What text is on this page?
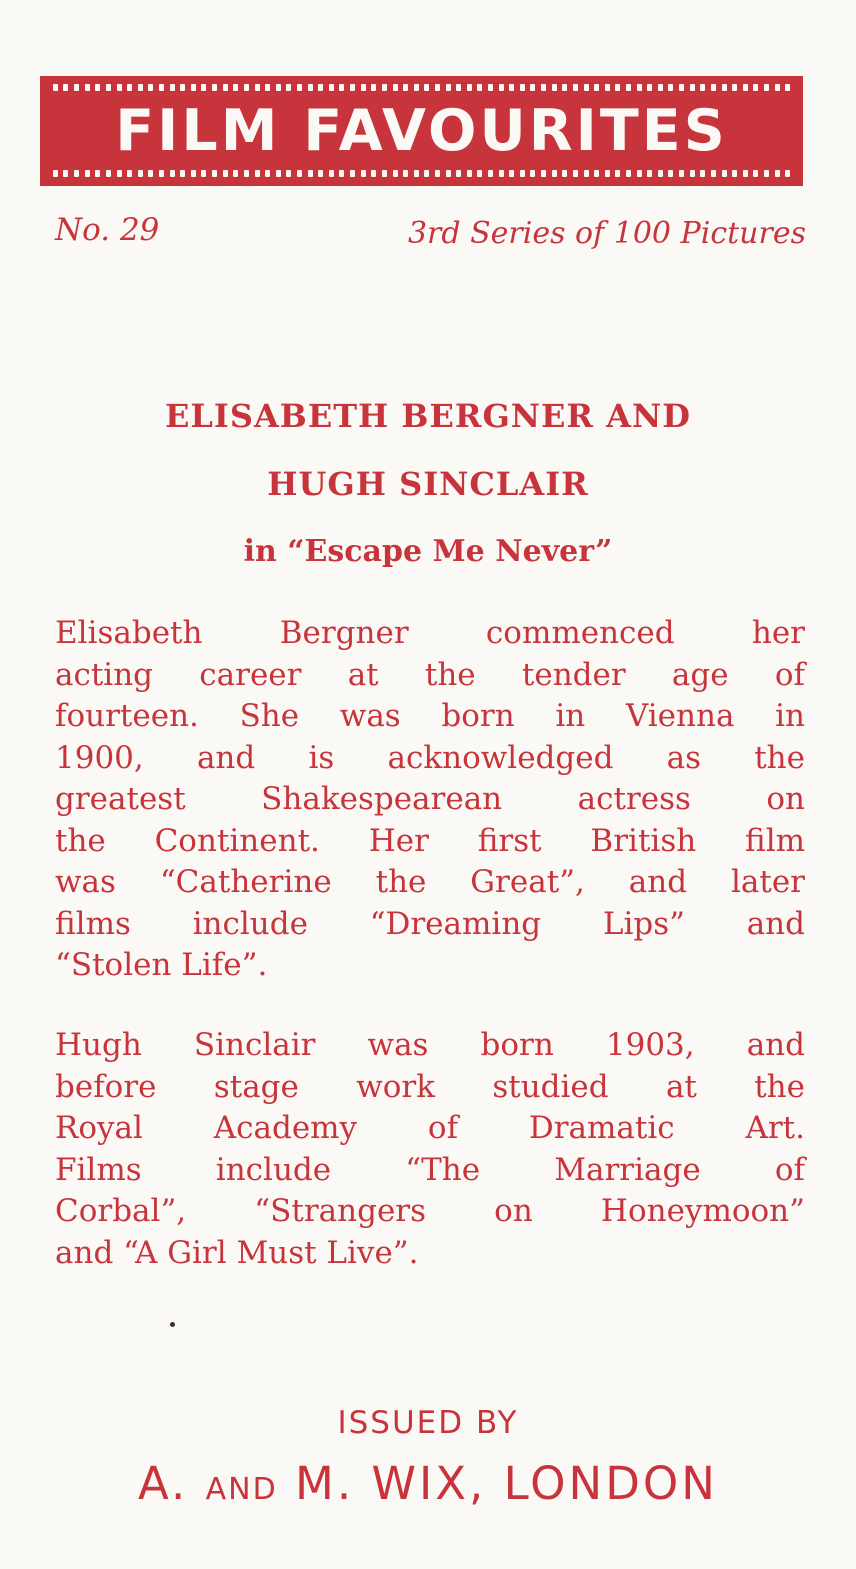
FILM FAVOURITES
No. 29	3rd Series of 100 Pictures
ELISABETH BERGNER AND
HUGH SINCLAIR
in “Escape Me Never”
Elisabeth Bergner commenced her
acting career at the tender age of
fourteen. She was born in Vienna in
1900, and is acknowledged as the
greatest Shakespearean actress on
the Continent. Her first British film
was “Catherine the Great”, and later
films include “Dreaming Lips” and
“Stolen Life”.
Hugh Sinclair was born 1903, and
before stage work studied at the
Royal Academy of Dramatic Art.
Films include “The Marriage of
Corbal”, “Strangers on Honeymoon”
and “A Girl Must Live”.
ISSUED BY
A. AND M. WIX, LONDON
